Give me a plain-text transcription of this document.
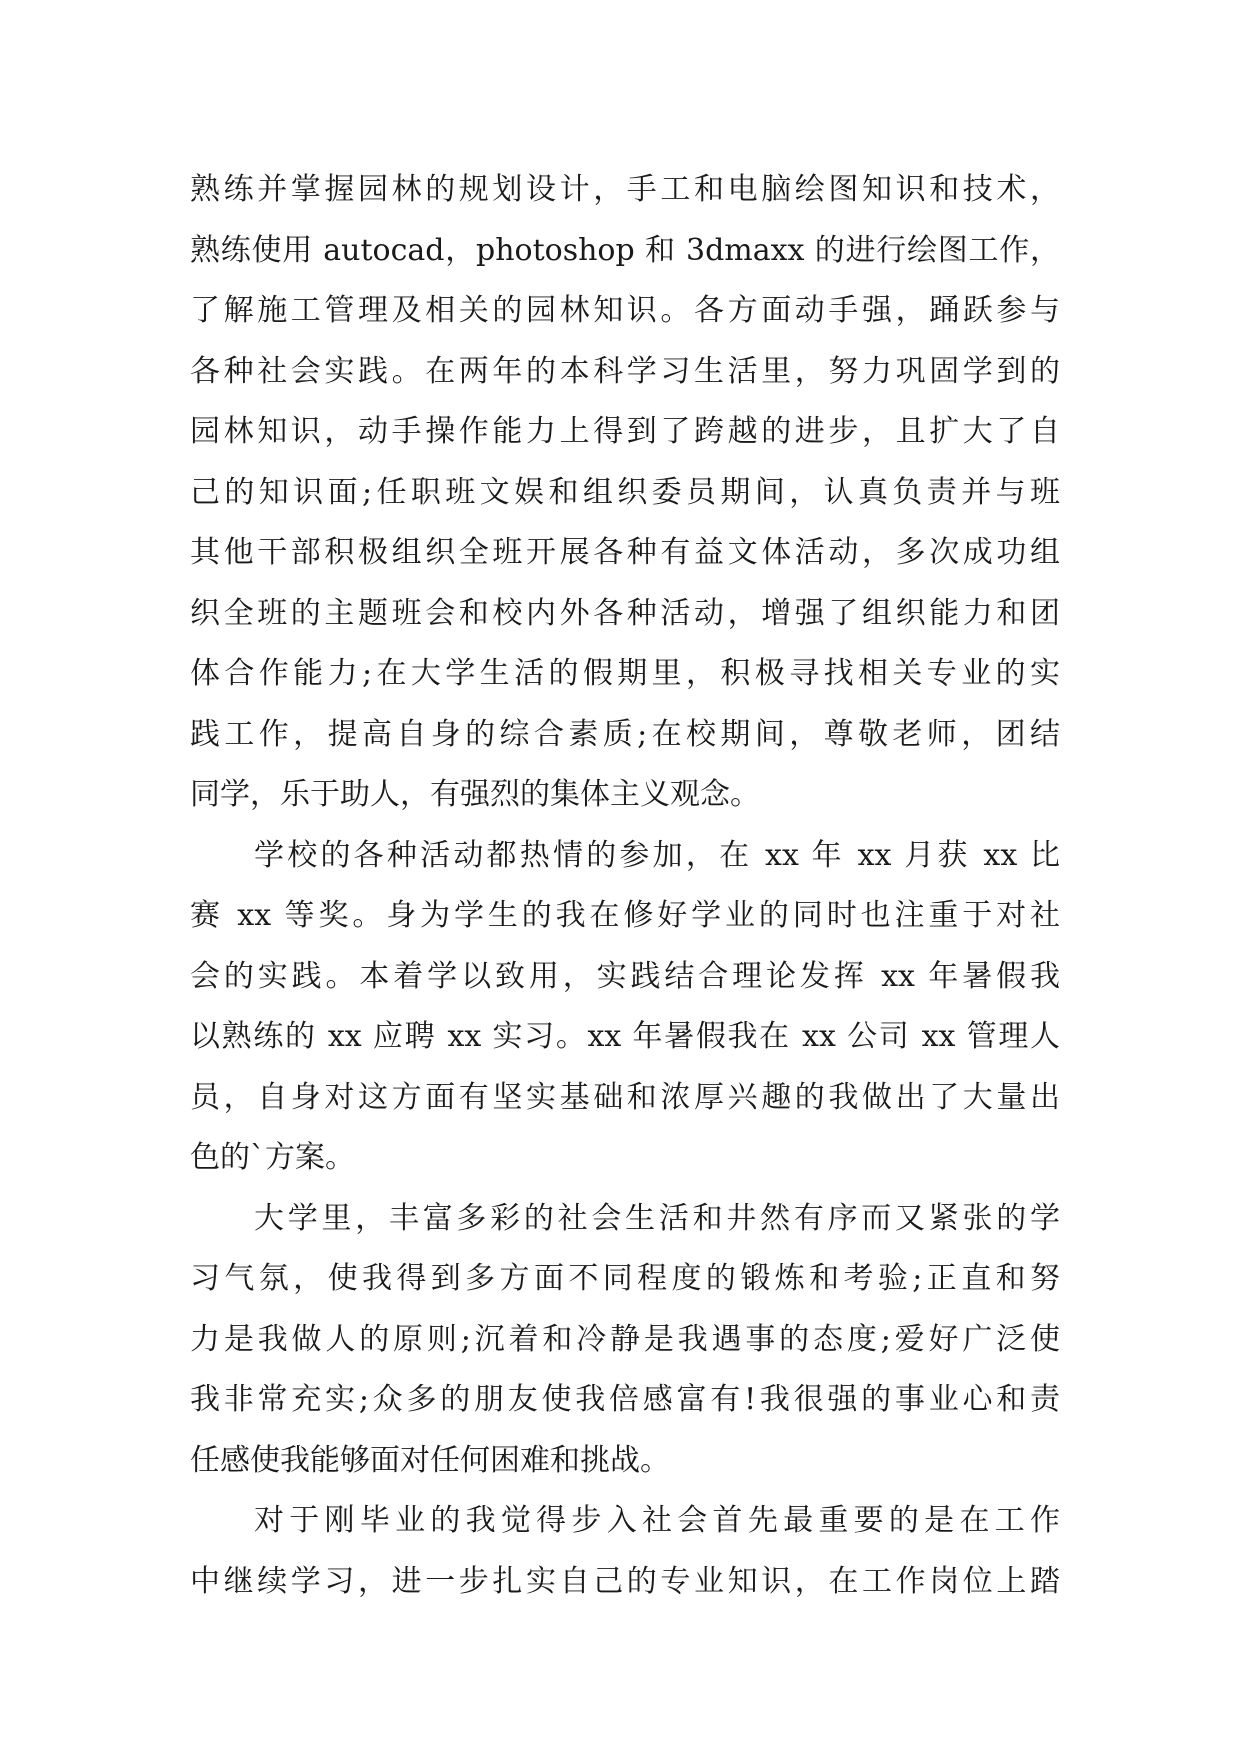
熟练并掌握园林的规划设计，手工和电脑绘图知识和技术，
熟练使用 autocad，photoshop 和 3dmaxx 的进行绘图工作，
了解施工管理及相关的园林知识。各方面动手强，踊跃参与
各种社会实践。在两年的本科学习生活里，努力巩固学到的
园林知识，动手操作能力上得到了跨越的进步，且扩大了自
己的知识面;任职班文娱和组织委员期间，认真负责并与班
其他干部积极组织全班开展各种有益文体活动，多次成功组
织全班的主题班会和校内外各种活动，增强了组织能力和团
体合作能力;在大学生活的假期里，积极寻找相关专业的实
践工作，提高自身的综合素质;在校期间，尊敬老师，团结
同学，乐于助人，有强烈的集体主义观念。
学校的各种活动都热情的参加，在 xx 年 xx 月获 xx 比
赛 xx 等奖。身为学生的我在修好学业的同时也注重于对社
会的实践。本着学以致用，实践结合理论发挥 xx 年暑假我
以熟练的 xx 应聘 xx 实习。xx 年暑假我在 xx 公司 xx 管理人
员，自身对这方面有坚实基础和浓厚兴趣的我做出了大量出
色的`方案。
大学里，丰富多彩的社会生活和井然有序而又紧张的学
习气氛，使我得到多方面不同程度的锻炼和考验;正直和努
力是我做人的原则;沉着和冷静是我遇事的态度;爱好广泛使
我非常充实;众多的朋友使我倍感富有!我很强的事业心和责
任感使我能够面对任何困难和挑战。
对于刚毕业的我觉得步入社会首先最重要的是在工作
中继续学习，进一步扎实自己的专业知识，在工作岗位上踏
